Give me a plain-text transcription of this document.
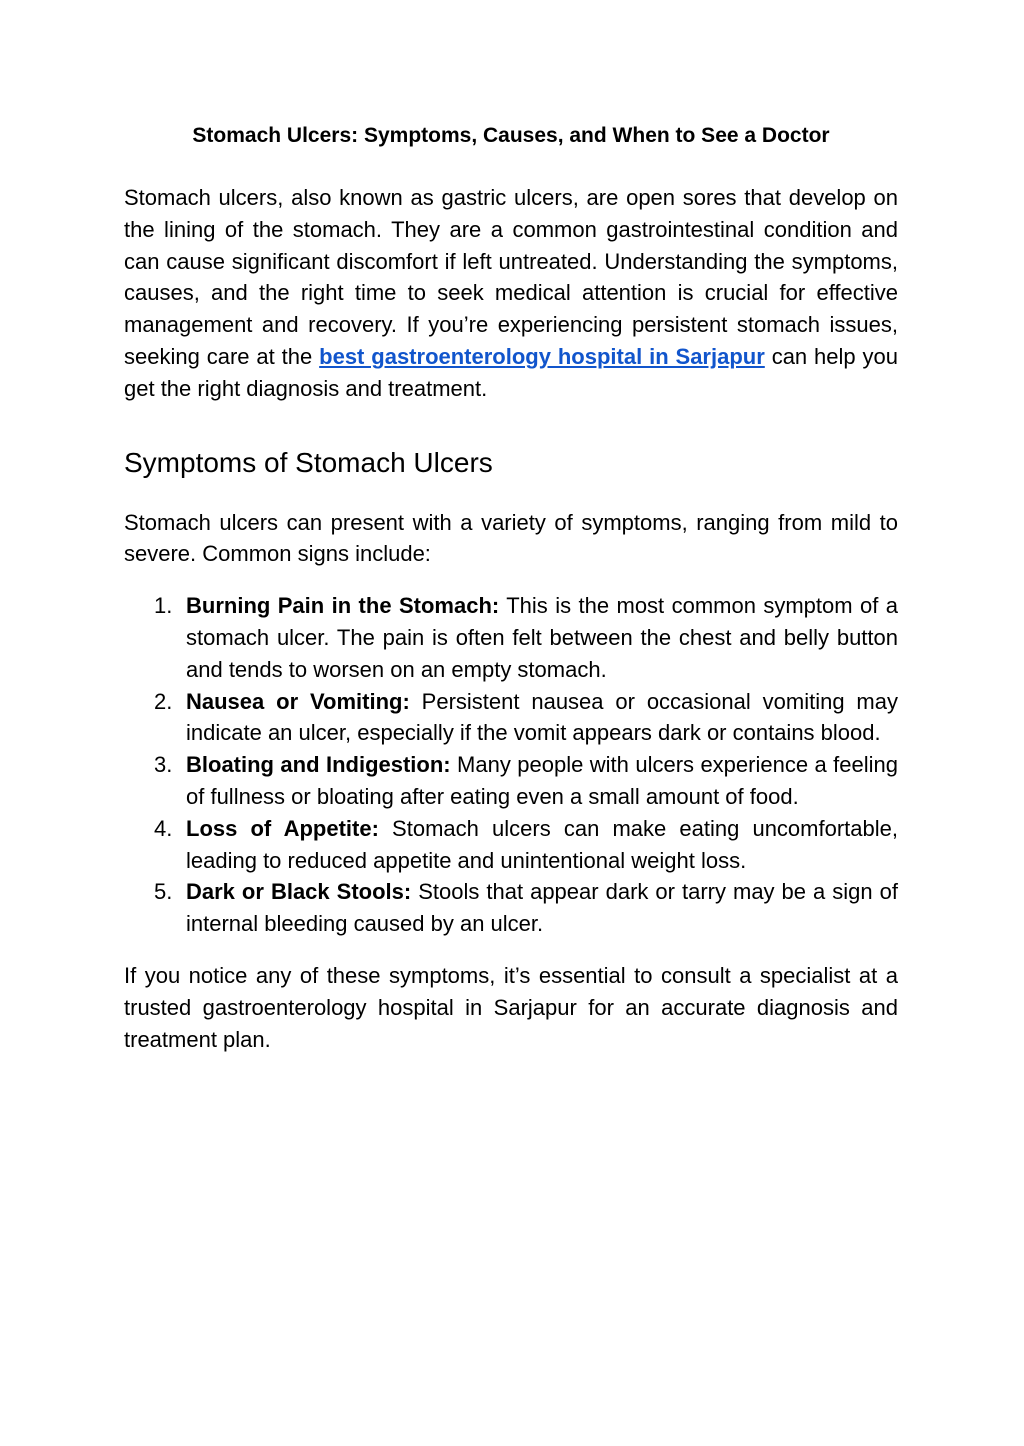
Stomach Ulcers: Symptoms, Causes, and When to See a Doctor

Stomach ulcers, also known as gastric ulcers, are open sores that develop on the lining of the stomach. They are a common gastrointestinal condition and can cause significant discomfort if left untreated. Understanding the symptoms, causes, and the right time to seek medical attention is crucial for effective management and recovery. If you’re experiencing persistent stomach issues, seeking care at the best gastroenterology hospital in Sarjapur can help you get the right diagnosis and treatment.

Symptoms of Stomach Ulcers

Stomach ulcers can present with a variety of symptoms, ranging from mild to severe. Common signs include:

1. Burning Pain in the Stomach: This is the most common symptom of a stomach ulcer. The pain is often felt between the chest and belly button and tends to worsen on an empty stomach.
2. Nausea or Vomiting: Persistent nausea or occasional vomiting may indicate an ulcer, especially if the vomit appears dark or contains blood.
3. Bloating and Indigestion: Many people with ulcers experience a feeling of fullness or bloating after eating even a small amount of food.
4. Loss of Appetite: Stomach ulcers can make eating uncomfortable, leading to reduced appetite and unintentional weight loss.
5. Dark or Black Stools: Stools that appear dark or tarry may be a sign of internal bleeding caused by an ulcer.

If you notice any of these symptoms, it’s essential to consult a specialist at a trusted gastroenterology hospital in Sarjapur for an accurate diagnosis and treatment plan.
